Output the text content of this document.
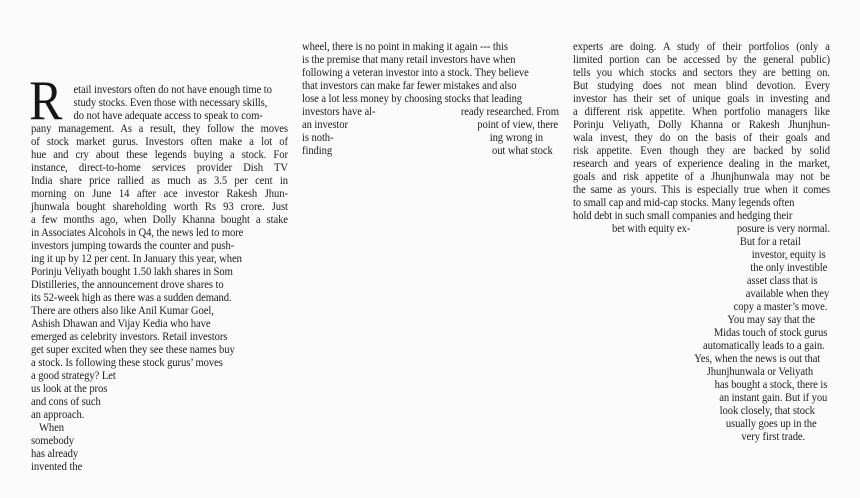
R etail investors often do not have enough time to
study stocks. Even those with necessary skills,
do not have adequate access to speak to com-
pany management. As a result, they follow the moves
of stock market gurus. Investors often make a lot of
hue and cry about these legends buying a stock. For
instance, direct-to-home services provider Dish TV
India share price rallied as much as 3.5 per cent in
morning on June 14 after ace investor Rakesh Jhun-
jhunwala bought shareholding worth Rs 93 crore. Just
a few months ago, when Dolly Khanna bought a stake
in Associates Alcohols in Q4, the news led to more
investors jumping towards the counter and push-
ing it up by 12 per cent. In January this year, when
Porinju Veliyath bought 1.50 lakh shares in Som
Distilleries, the announcement drove shares to
its 52-week high as there was a sudden demand.
There are others also like Anil Kumar Goel,
Ashish Dhawan and Vijay Kedia who have
emerged as celebrity investors. Retail investors
get super excited when they see these names buy
a stock. Is following these stock gurus’ moves
a good strategy? Let
us look at the pros
and cons of such
an approach.
When
somebody
has already
invented the
wheel, there is no point in making it again --- this
is the premise that many retail investors have when
following a veteran investor into a stock. They believe
that investors can make far fewer mistakes and also
lose a lot less money by choosing stocks that leading
investors have al-	ready researched. From
an investor	point of view, there
is noth-	ing wrong in
finding	out what stock
experts are doing. A study of their portfolios (only a
limited portion can be accessed by the general public)
tells you which stocks and sectors they are betting on.
But studying does not mean blind devotion. Every
investor has their set of unique goals in investing and
a different risk appetite. When portfolio managers like
Porinju Veliyath, Dolly Khanna or Rakesh Jhunjhun-
wala invest, they do on the basis of their goals and
risk appetite. Even though they are backed by solid
research and years of experience dealing in the market,
goals and risk appetite of a Jhunjhunwala may not be
the same as yours. This is especially true when it comes
to small cap and mid-cap stocks. Many legends often
hold debt in such small companies and hedging their
bet with equity ex-	posure is very normal.
But for a retail
investor, equity is
the only investible
asset class that is
available when they
copy a master’s move.
You may say that the
Midas touch of stock gurus
automatically leads to a gain.
Yes, when the news is out that
Jhunjhunwala or Veliyath
has bought a stock, there is
an instant gain. But if you
look closely, that stock
usually goes up in the
very first trade.
